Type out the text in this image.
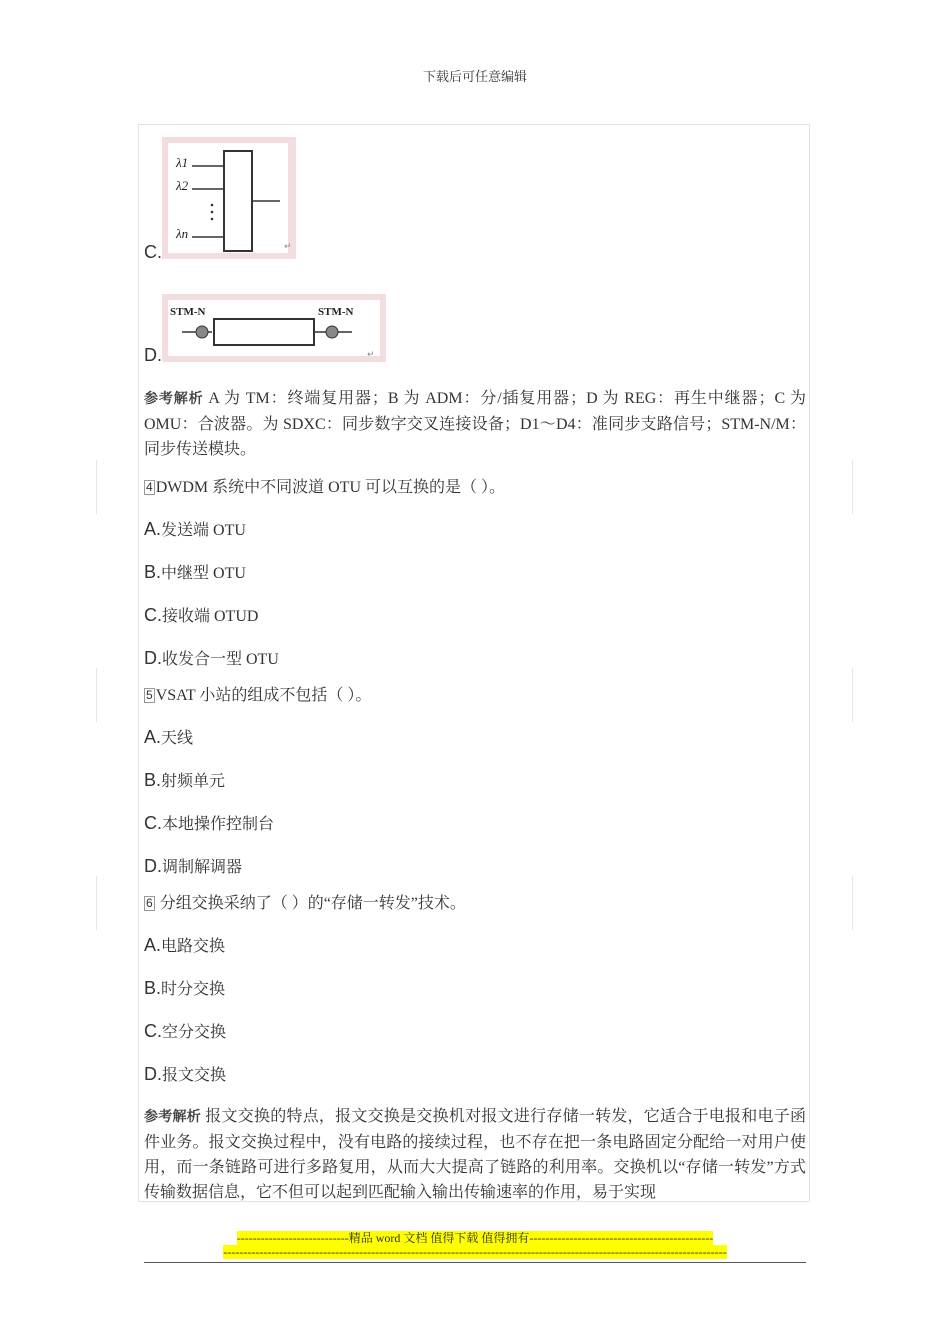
下载后可任意编辑
C.	↵
λ1
λ2
λn
D.	↵
STM-N	STM-N
参考解析 A 为 TM：终端复用器；B 为 ADM：分/插复用器；D 为 REG：再生中继器；C 为 OMU：合波器。为 SDXC：同步数字交叉连接设备；D1～D4：准同步支路信号；STM-N/M：同步传送模块。
4 DWDM 系统中不同波道 OTU 可以互换的是（ ）。
A.发送端 OTU
B.中继型 OTU
C.接收端 OTUD
D.收发合一型 OTU
5 VSAT 小站的组成不包括（ ）。
A.天线
B.射频单元
C.本地操作控制台
D.调制解调器
6 分组交换采纳了（ ）的“存储一转发”技术。
A.电路交换
B.时分交换
C.空分交换
D.报文交换
参考解析 报文交换的特点，报文交换是交换机对报文进行存储一转发，它适合于电报和电子函件业务。报文交换过程中，没有电路的接续过程，也不存在把一条电路固定分配给一对用户使用，而一条链路可进行多路复用，从而大大提高了链路的利用率。交换机以“存储一转发”方式传输数据信息，它不但可以起到匹配输入输出传输速率的作用，易于实现
----------------------------精品 word 文档 值得下载 值得拥有----------------------------------------------
------------------------------------------------------------------------------------------------------------------------------
